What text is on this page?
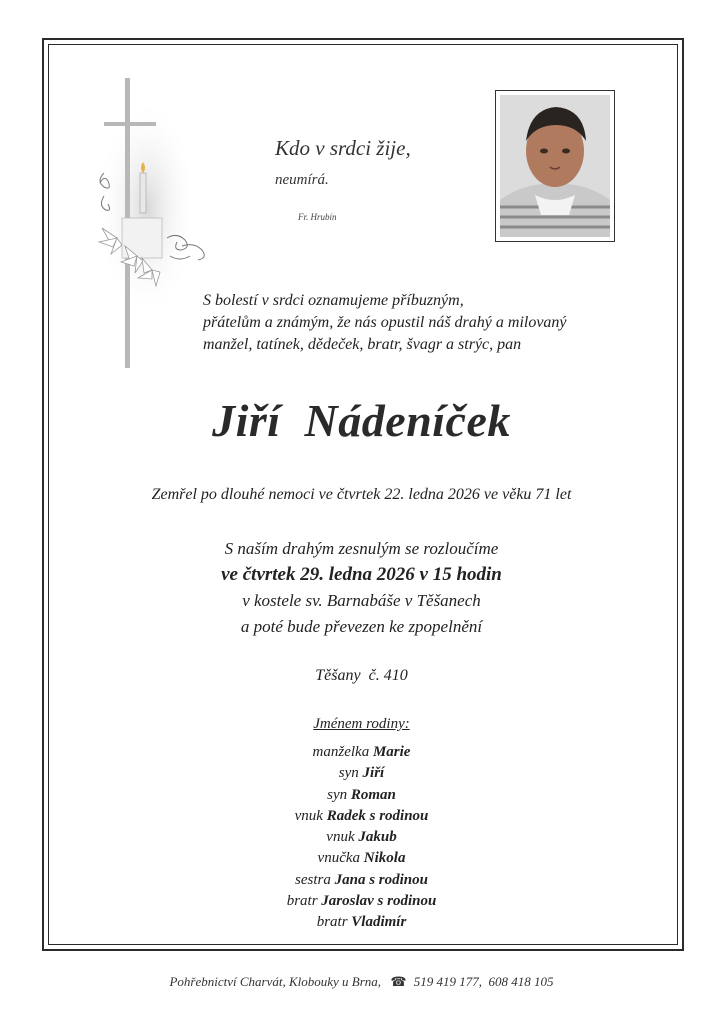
Kdo v srdci žije,
neumírá.
Fr. Hrubín
S bolestí v srdci oznamujeme příbuzným,
přátelům a známým, že nás opustil náš drahý a milovaný
manžel, tatínek, dědeček, bratr, švagr a strýc, pan
Jiří  Nádeníček
Zemřel po dlouhé nemoci ve čtvrtek 22. ledna 2026 ve věku 71 let
S naším drahým zesnulým se rozloučíme
ve čtvrtek 29. ledna 2026 v 15 hodin
v kostele sv. Barnabáše v Těšanech
a poté bude převezen ke zpopelnění
Těšany  č. 410
Jménem rodiny:
manželka Marie
syn Jiří
syn Roman
vnuk Radek s rodinou
vnuk Jakub
vnučka Nikola
sestra Jana s rodinou
bratr Jaroslav s rodinou
bratr Vladimír
Pohřebnictví Charvát, Klobouky u Brna, ☎ 519 419 177,  608 418 105
